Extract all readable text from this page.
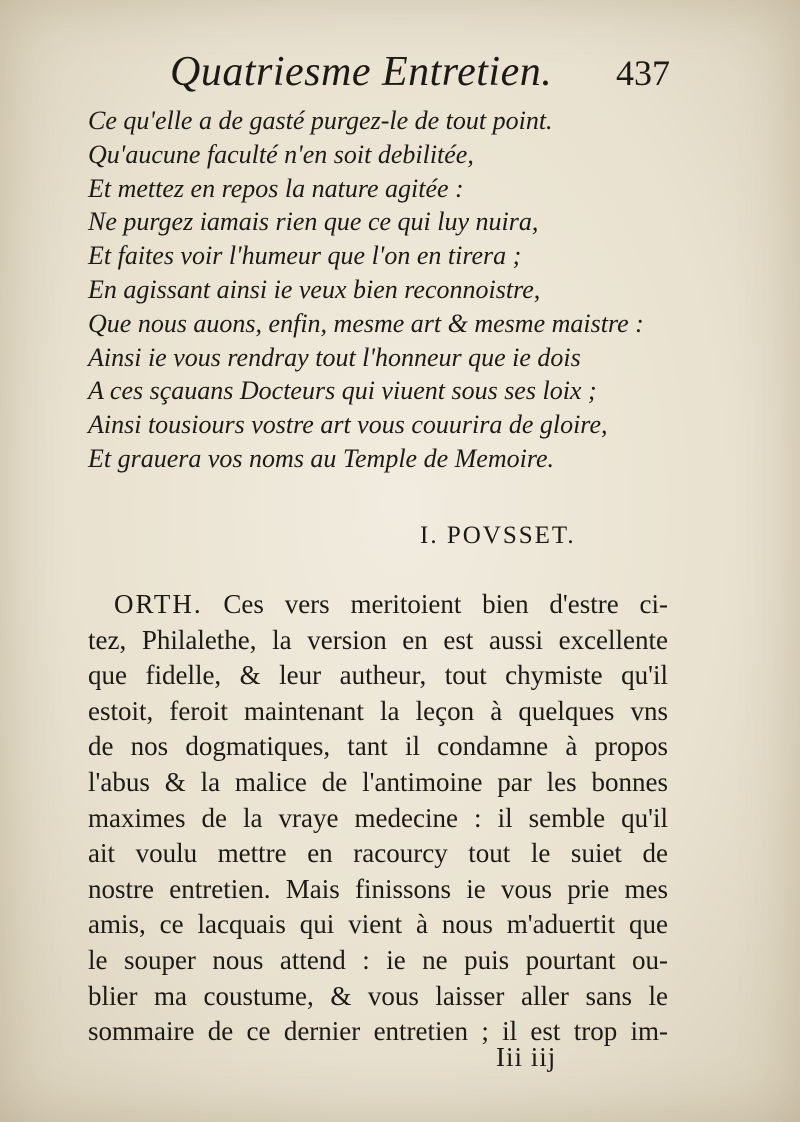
Quatriesme Entretien. 437
Ce qu'elle a de gasté purgez-le de tout point.
Qu'aucune faculté n'en soit debilitée,
Et mettez en repos la nature agitée :
Ne purgez iamais rien que ce qui luy nuira,
Et faites voir l'humeur que l'on en tirera ;
En agissant ainsi ie veux bien reconnoistre,
Que nous auons, enfin, mesme art & mesme maistre :
Ainsi ie vous rendray tout l'honneur que ie dois
A ces sçauans Docteurs qui viuent sous ses loix ;
Ainsi tousiours vostre art vous couurira de gloire,
Et grauera vos noms au Temple de Memoire.
I. POVSSET.
ORTH. Ces vers meritoient bien d'estre ci-
tez, Philalethe, la version en est aussi excellente
que fidelle, & leur autheur, tout chymiste qu'il
estoit, feroit maintenant la leçon à quelques vns
de nos dogmatiques, tant il condamne à propos
l'abus & la malice de l'antimoine par les bonnes
maximes de la vraye medecine : il semble qu'il
ait voulu mettre en racourcy tout le suiet de
nostre entretien. Mais finissons ie vous prie mes
amis, ce lacquais qui vient à nous m'aduertit que
le souper nous attend : ie ne puis pourtant ou-
blier ma coustume, & vous laisser aller sans le
sommaire de ce dernier entretien ; il est trop im-
Iii iij
